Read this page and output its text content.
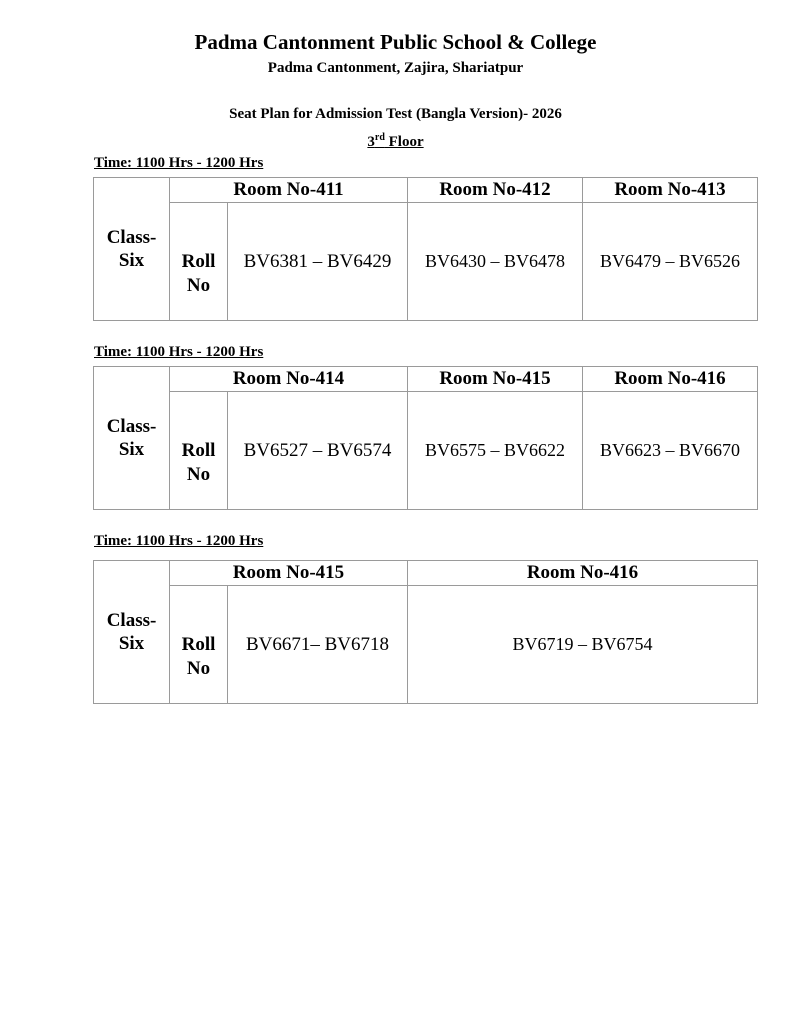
Padma Cantonment Public School & College
Padma Cantonment, Zajira, Shariatpur
Seat Plan for Admission Test (Bangla Version)- 2026
3rd Floor
Time: 1100 Hrs - 1200 Hrs
Class-
Six	Room No-411		Room No-412	Room No-413

Roll
No	BV6381 – BV6429	BV6430 – BV6478	BV6479 – BV6526
Time: 1100 Hrs - 1200 Hrs
Class-
Six	Room No-414		Room No-415	Room No-416

Roll
No	BV6527 – BV6574	BV6575 – BV6622	BV6623 – BV6670
Time: 1100 Hrs - 1200 Hrs
Class-
Six	Room No-415		Room No-416

Roll
No	BV6671– BV6718	BV6719 – BV6754
